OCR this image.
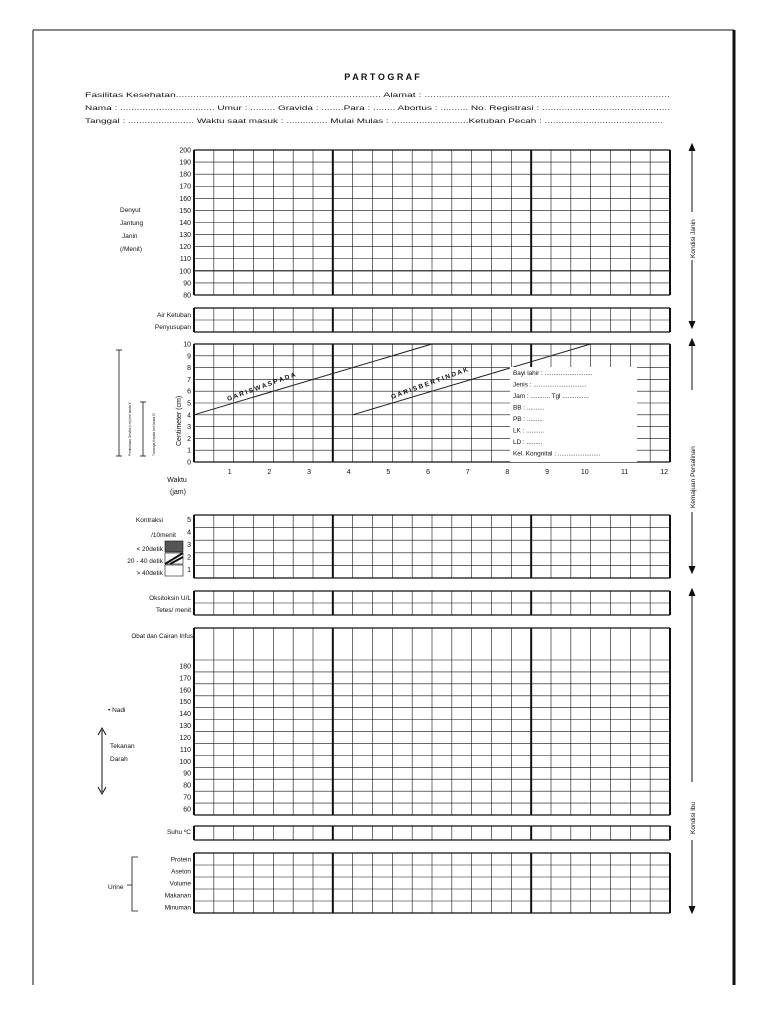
P A R T O G R A F
Fasilitas Kesehatan....................................................................... Alamat : .....................................................................................
Nama : .................................. Umur : ......... Gravida : ........Para : ........ Abortus : .......... No. Registrasi : ..............................................
Tanggal : ........................ Waktu saat masuk : ............... Mulai Mulas : ............................Ketuban Pecah : ...........................................
200
190
180
170
160
150
140
130
120
110
100
90
80
Denyut Jantung Janin (/Menit)
Air Ketuban
Penyusupan
10
9
8
7
6
5
4
3
2
1
0
1	2	3	4	5	6	7	8	9	10	11	12
G A R I S W A S P A D A	G A R I S B E R T I N D A K
Centimeter (cm)
Pembukaan Serviks (cm) beri tanda X	Turunnya Kepala beri tanda O
Bayi lahir : ...........................
Jenis : ..............................
Jam : ........... Tgl ...............
BB : ..........
PB : .........
LK : ..........
LD : .........
Kel. Kongnital : ........................
Waktu (jam)
5
4
3
2
1
Kontraksi
/10menit
< 20detik
20 - 40 detik
> 40detik
Oksitoksin U/L
Tetes/ menit
180
170
160
150
140
130
120
110
100
90
80
70
60
Obat dan Cairan Infus
• Nadi
Tekanan
Darah
Suhu ºC
Protein
Aseton
Volume
Makanan
Minuman
Urine
Kondisi Janin
Kemajuan Persalinan
Kondisi Ibu
